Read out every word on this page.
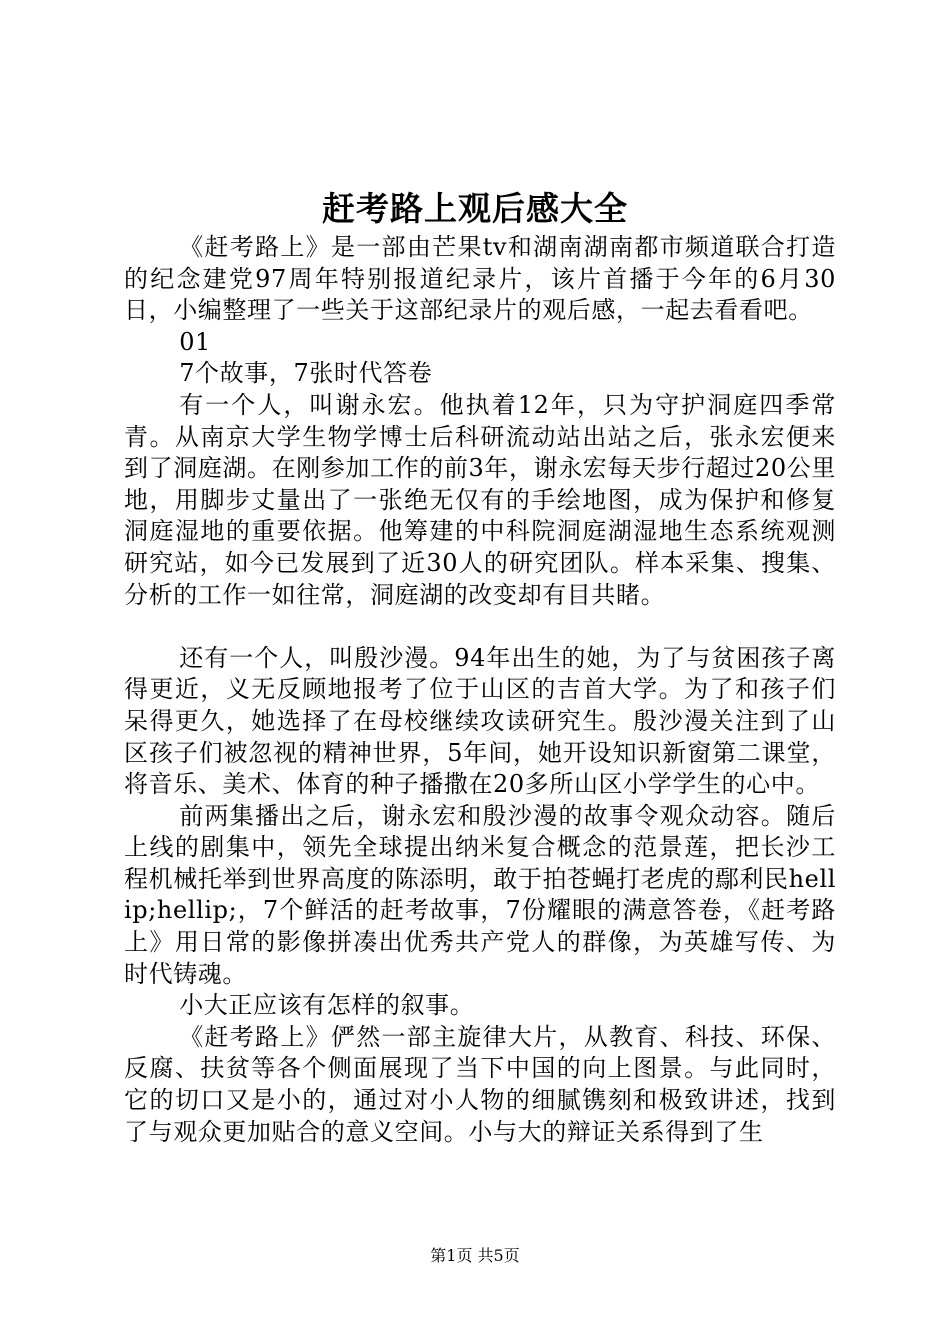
赶考路上观后感大全

《赶考路上》是一部由芒果tv和湖南湖南都市频道联合打造的纪念建党97周年特别报道纪录片，该片首播于今年的6月30日，小编整理了一些关于这部纪录片的观后感，一起去看看吧。

01

7个故事，7张时代答卷

有一个人，叫谢永宏。他执着12年，只为守护洞庭四季常青。从南京大学生物学博士后科研流动站出站之后，张永宏便来到了洞庭湖。在刚参加工作的前3年，谢永宏每天步行超过20公里地，用脚步丈量出了一张绝无仅有的手绘地图，成为保护和修复洞庭湿地的重要依据。他筹建的中科院洞庭湖湿地生态系统观测研究站，如今已发展到了近30人的研究团队。样本采集、搜集、分析的工作一如往常，洞庭湖的改变却有目共睹。

还有一个人，叫殷沙漫。94年出生的她，为了与贫困孩子离得更近，义无反顾地报考了位于山区的吉首大学。为了和孩子们呆得更久，她选择了在母校继续攻读研究生。殷沙漫关注到了山区孩子们被忽视的精神世界，5年间，她开设知识新窗第二课堂，将音乐、美术、体育的种子播撒在20多所山区小学学生的心中。

前两集播出之后，谢永宏和殷沙漫的故事令观众动容。随后上线的剧集中，领先全球提出纳米复合概念的范景莲，把长沙工程机械托举到世界高度的陈添明，敢于拍苍蝇打老虎的鄢利民hellip;hellip;，7个鲜活的赶考故事，7份耀眼的满意答卷，《赶考路上》用日常的影像拼凑出优秀共产党人的群像，为英雄写传、为时代铸魂。

小大正应该有怎样的叙事。

《赶考路上》俨然一部主旋律大片，从教育、科技、环保、反腐、扶贫等各个侧面展现了当下中国的向上图景。与此同时，它的切口又是小的，通过对小人物的细腻镌刻和极致讲述，找到了与观众更加贴合的意义空间。小与大的辩证关系得到了生

第1页 共5页
